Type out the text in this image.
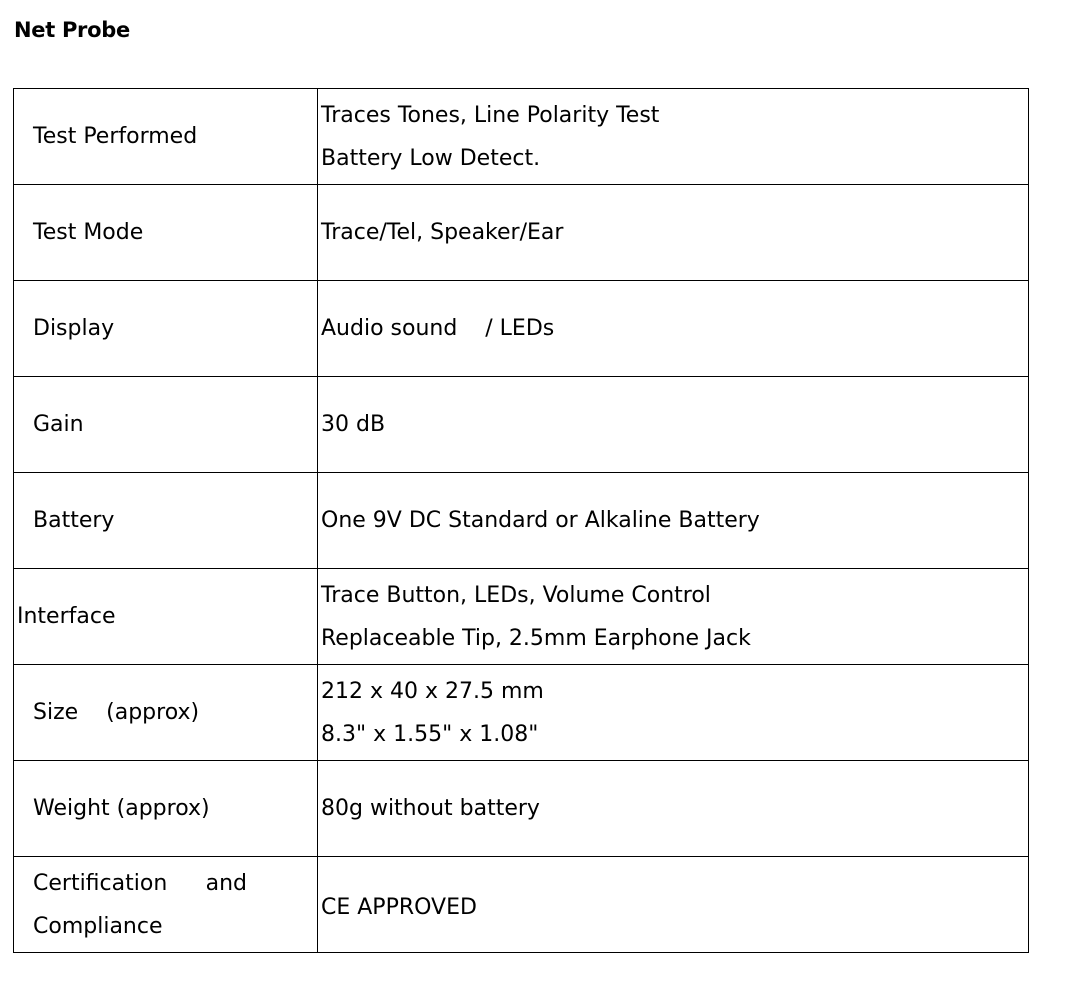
Net Probe
Test Performed	Traces Tones, Line Polarity Test
Battery Low Detect.

Test Mode	Trace/Tel, Speaker/Ear

Display	Audio sound    / LEDs

Gain	30 dB

Battery	One 9V DC Standard or Alkaline Battery

Interface	Trace Button, LEDs, Volume Control
Replaceable Tip, 2.5mm Earphone Jack

Size    (approx)	212 x 40 x 27.5 mm
8.3" x 1.55" x 1.08"

Weight (approx)	80g without battery

Certification and
Compliance	CE APPROVED
